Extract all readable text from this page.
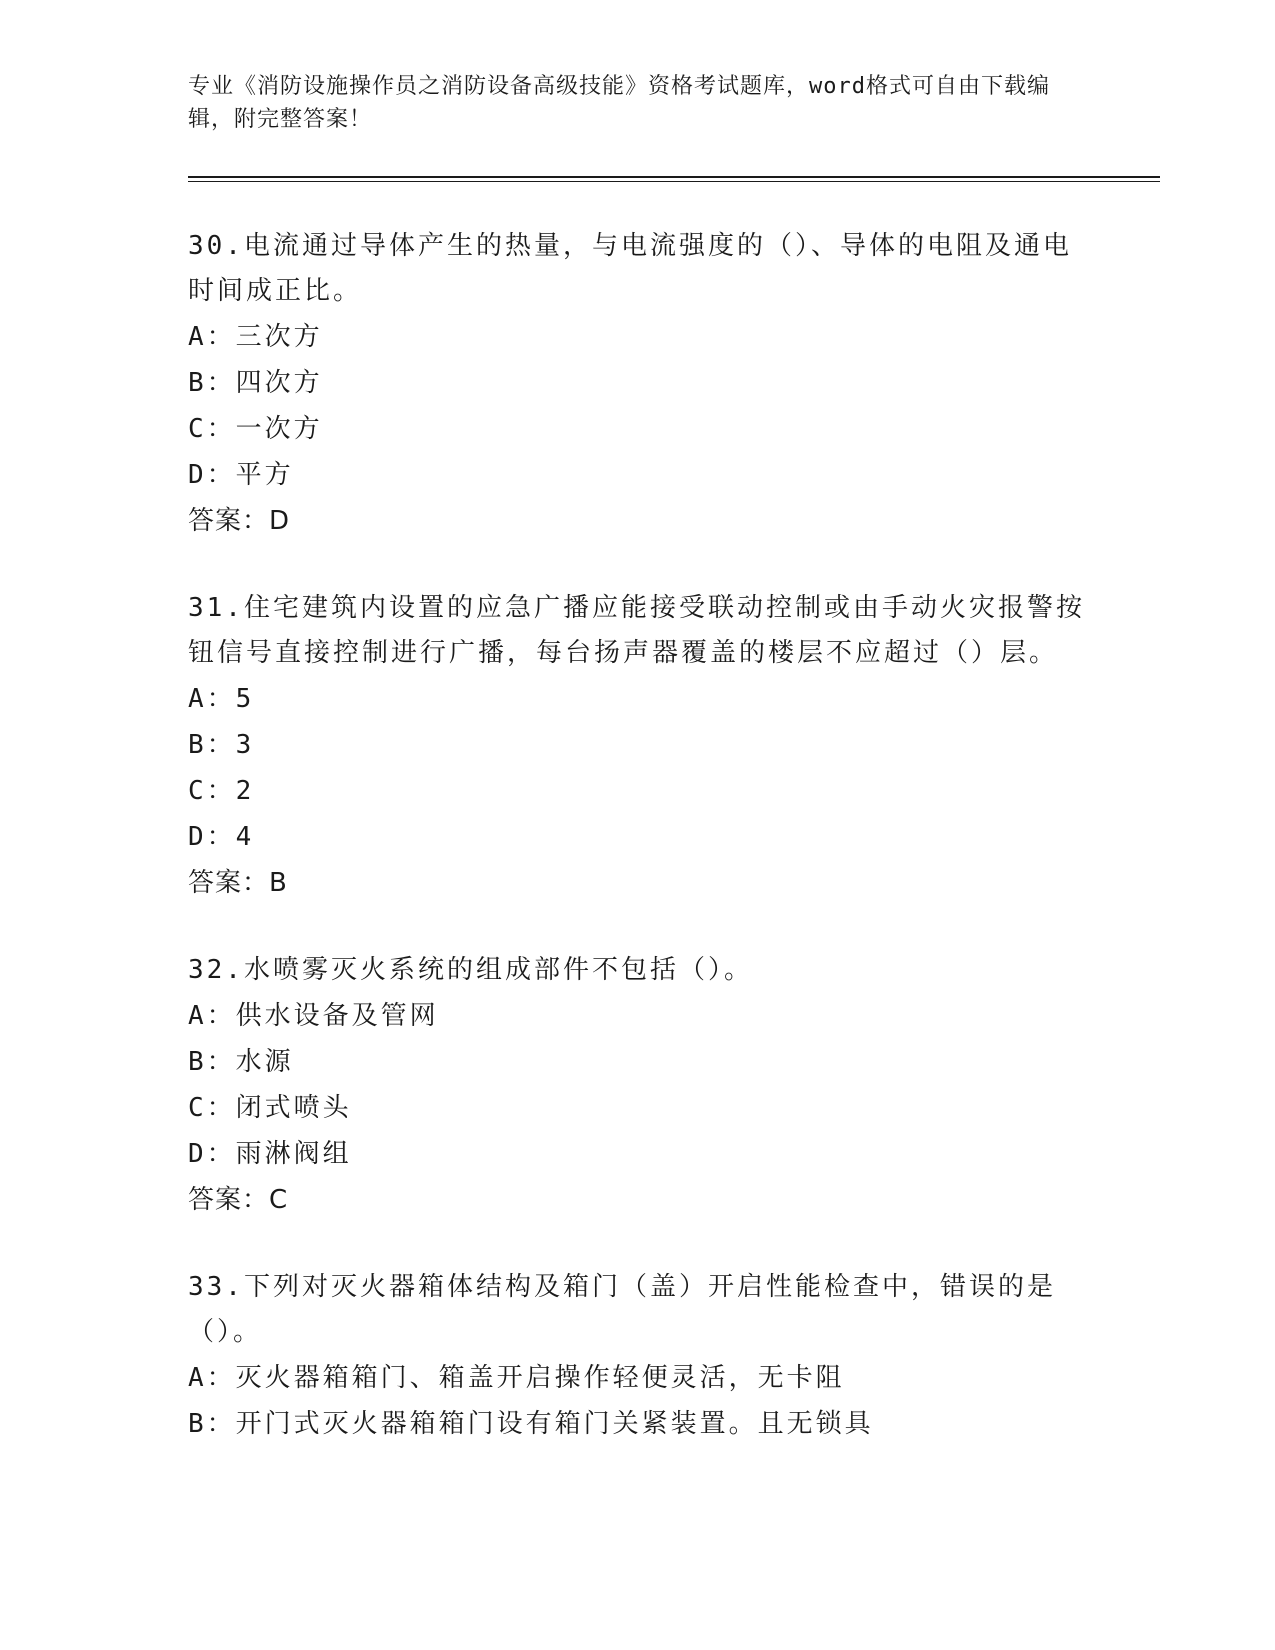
专业《消防设施操作员之消防设备高级技能》资格考试题库，word格式可自由下载编辑，附完整答案！
30.电流通过导体产生的热量，与电流强度的（）、导体的电阻及通电时间成正比。
A：三次方
B：四次方
C：一次方
D：平方
答案：D
31.住宅建筑内设置的应急广播应能接受联动控制或由手动火灾报警按钮信号直接控制进行广播，每台扬声器覆盖的楼层不应超过（）层。
A：5
B：3
C：2
D：4
答案：B
32.水喷雾灭火系统的组成部件不包括（）。
A：供水设备及管网
B：水源
C：闭式喷头
D：雨淋阀组
答案：C
33.下列对灭火器箱体结构及箱门（盖）开启性能检查中，错误的是（）。
A：灭火器箱箱门、箱盖开启操作轻便灵活，无卡阻
B：开门式灭火器箱箱门设有箱门关紧装置。且无锁具
